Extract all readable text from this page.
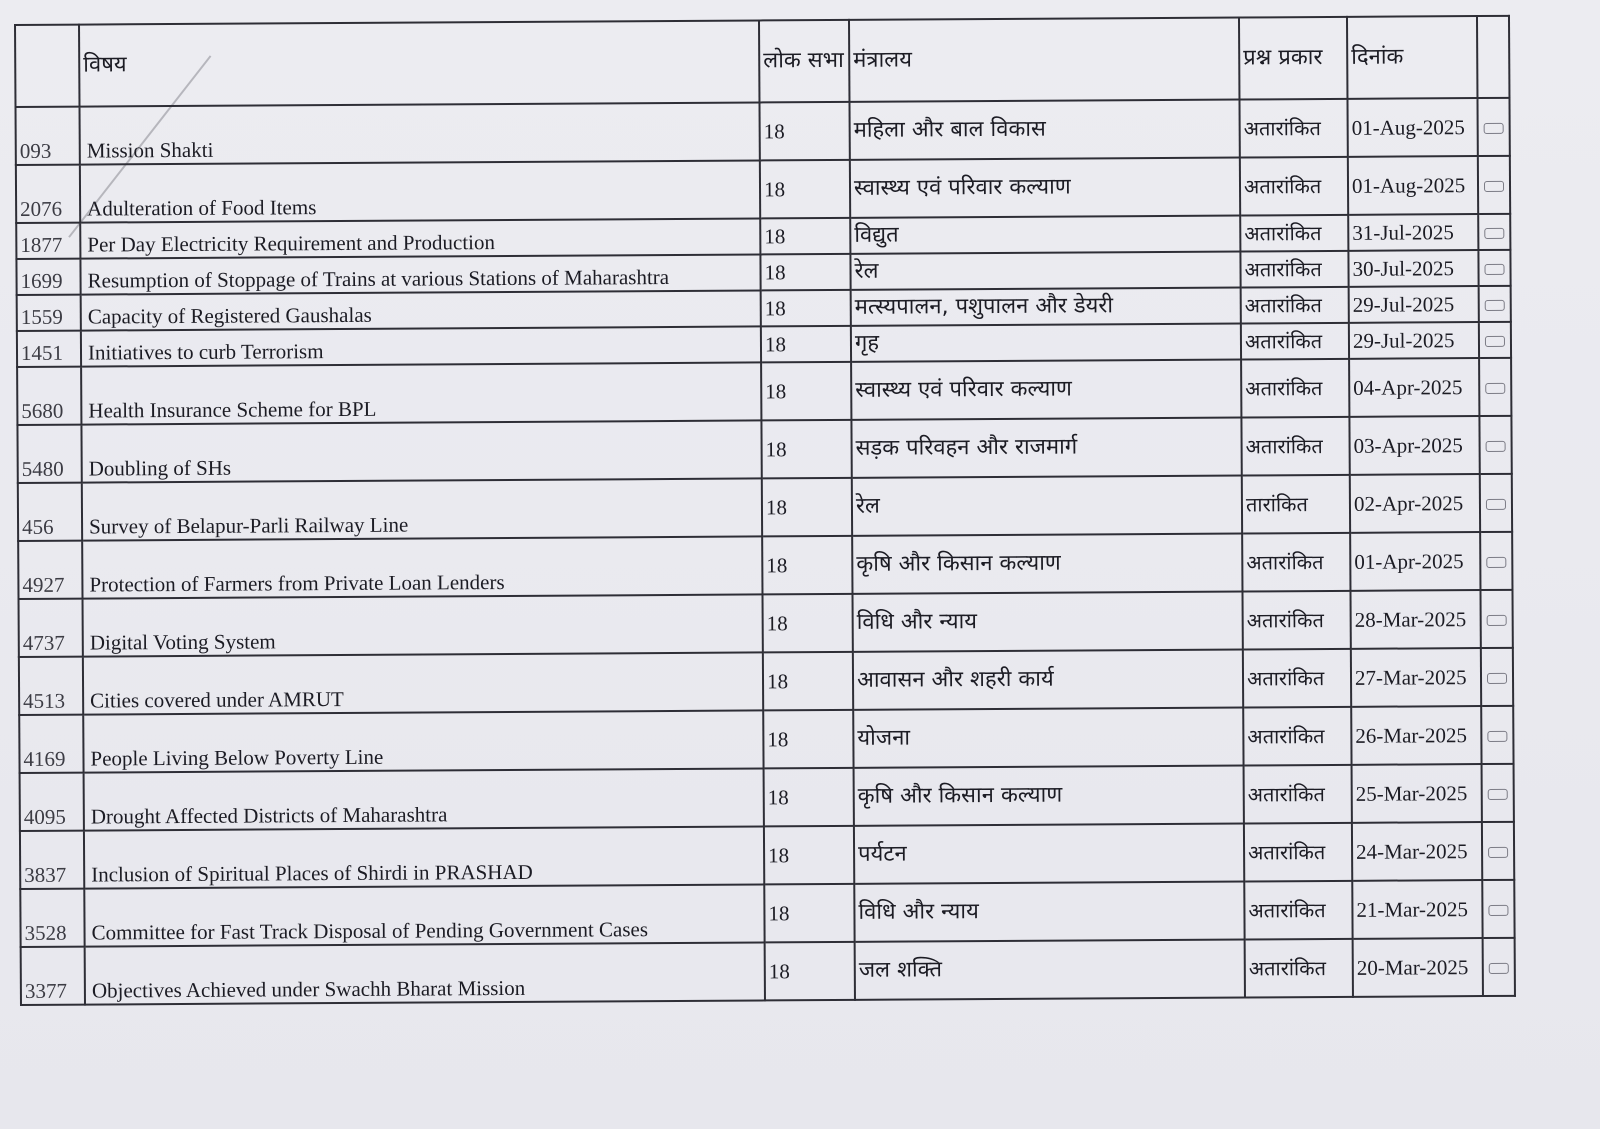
	विषय	लोक सभा	मंत्रालय	प्रश्न प्रकार	दिनांक	
093	Mission Shakti	18	महिला और बाल विकास	अतारांकित	01-Aug-2025	
2076	Adulteration of Food Items	18	स्वास्थ्य एवं परिवार कल्याण	अतारांकित	01-Aug-2025	
1877	Per Day Electricity Requirement and Production	18	विद्युत	अतारांकित	31-Jul-2025	
1699	Resumption of Stoppage of Trains at various Stations of Maharashtra	18	रेल	अतारांकित	30-Jul-2025	
1559	Capacity of Registered Gaushalas	18	मत्स्यपालन, पशुपालन और डेयरी	अतारांकित	29-Jul-2025	
1451	Initiatives to curb Terrorism	18	गृह	अतारांकित	29-Jul-2025	
5680	Health Insurance Scheme for BPL	18	स्वास्थ्य एवं परिवार कल्याण	अतारांकित	04-Apr-2025	
5480	Doubling of SHs	18	सड़क परिवहन और राजमार्ग	अतारांकित	03-Apr-2025	
456	Survey of Belapur-Parli Railway Line	18	रेल	तारांकित	02-Apr-2025	
4927	Protection of Farmers from Private Loan Lenders	18	कृषि और किसान कल्याण	अतारांकित	01-Apr-2025	
4737	Digital Voting System	18	विधि और न्याय	अतारांकित	28-Mar-2025	
4513	Cities covered under AMRUT	18	आवासन और शहरी कार्य	अतारांकित	27-Mar-2025	
4169	People Living Below Poverty Line	18	योजना	अतारांकित	26-Mar-2025	
4095	Drought Affected Districts of Maharashtra	18	कृषि और किसान कल्याण	अतारांकित	25-Mar-2025	
3837	Inclusion of Spiritual Places of Shirdi in PRASHAD	18	पर्यटन	अतारांकित	24-Mar-2025	
3528	Committee for Fast Track Disposal of Pending Government Cases	18	विधि और न्याय	अतारांकित	21-Mar-2025	
3377	Objectives Achieved under Swachh Bharat Mission	18	जल शक्ति	अतारांकित	20-Mar-2025	
